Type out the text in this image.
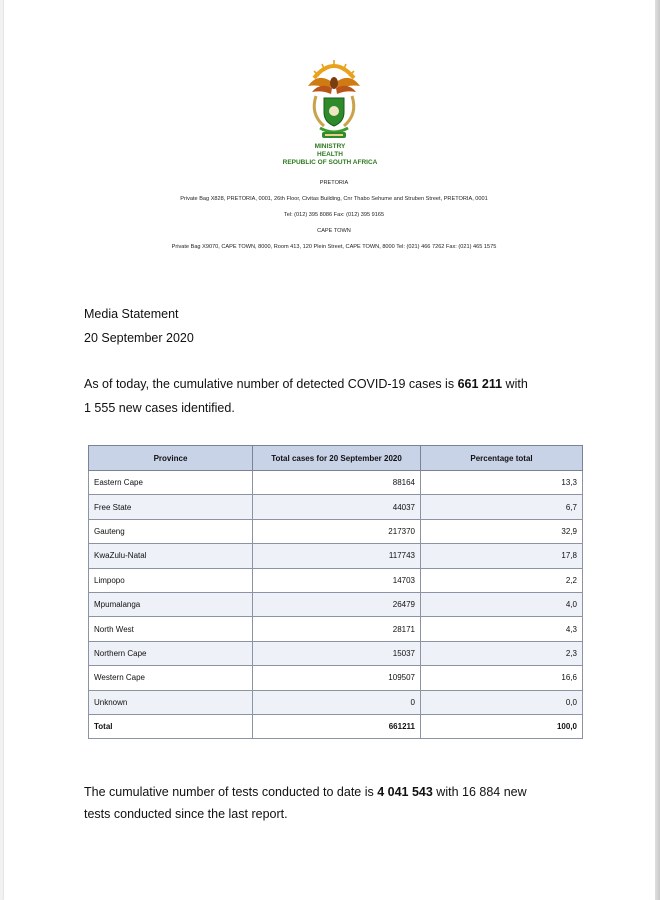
MINISTRY
HEALTH
REPUBLIC OF SOUTH AFRICA
PRETORIA
Private Bag X828, PRETORIA, 0001, 26th Floor, Civitas Building, Cnr Thabo Sehume and Struben Street, PRETORIA, 0001
Tel: (012) 395 8086 Fax: (012) 395 9165
CAPE TOWN
Private Bag X9070, CAPE TOWN, 8000, Room 413, 120 Plein Street, CAPE TOWN, 8000 Tel: (021) 466 7262 Fax: (021) 465 1575
Media Statement
20 September 2020
As of today, the cumulative number of detected COVID-19 cases is 661 211 with
1 555 new cases identified.
Province	Total cases for 20 September 2020	Percentage total
Eastern Cape	88164	13,3
Free State	44037	6,7
Gauteng	217370	32,9
KwaZulu-Natal	117743	17,8
Limpopo	14703	2,2
Mpumalanga	26479	4,0
North West	28171	4,3
Northern Cape	15037	2,3
Western Cape	109507	16,6
Unknown	0	0,0
Total	661211	100,0
The cumulative number of tests conducted to date is 4 041 543 with 16 884 new
tests conducted since the last report.
